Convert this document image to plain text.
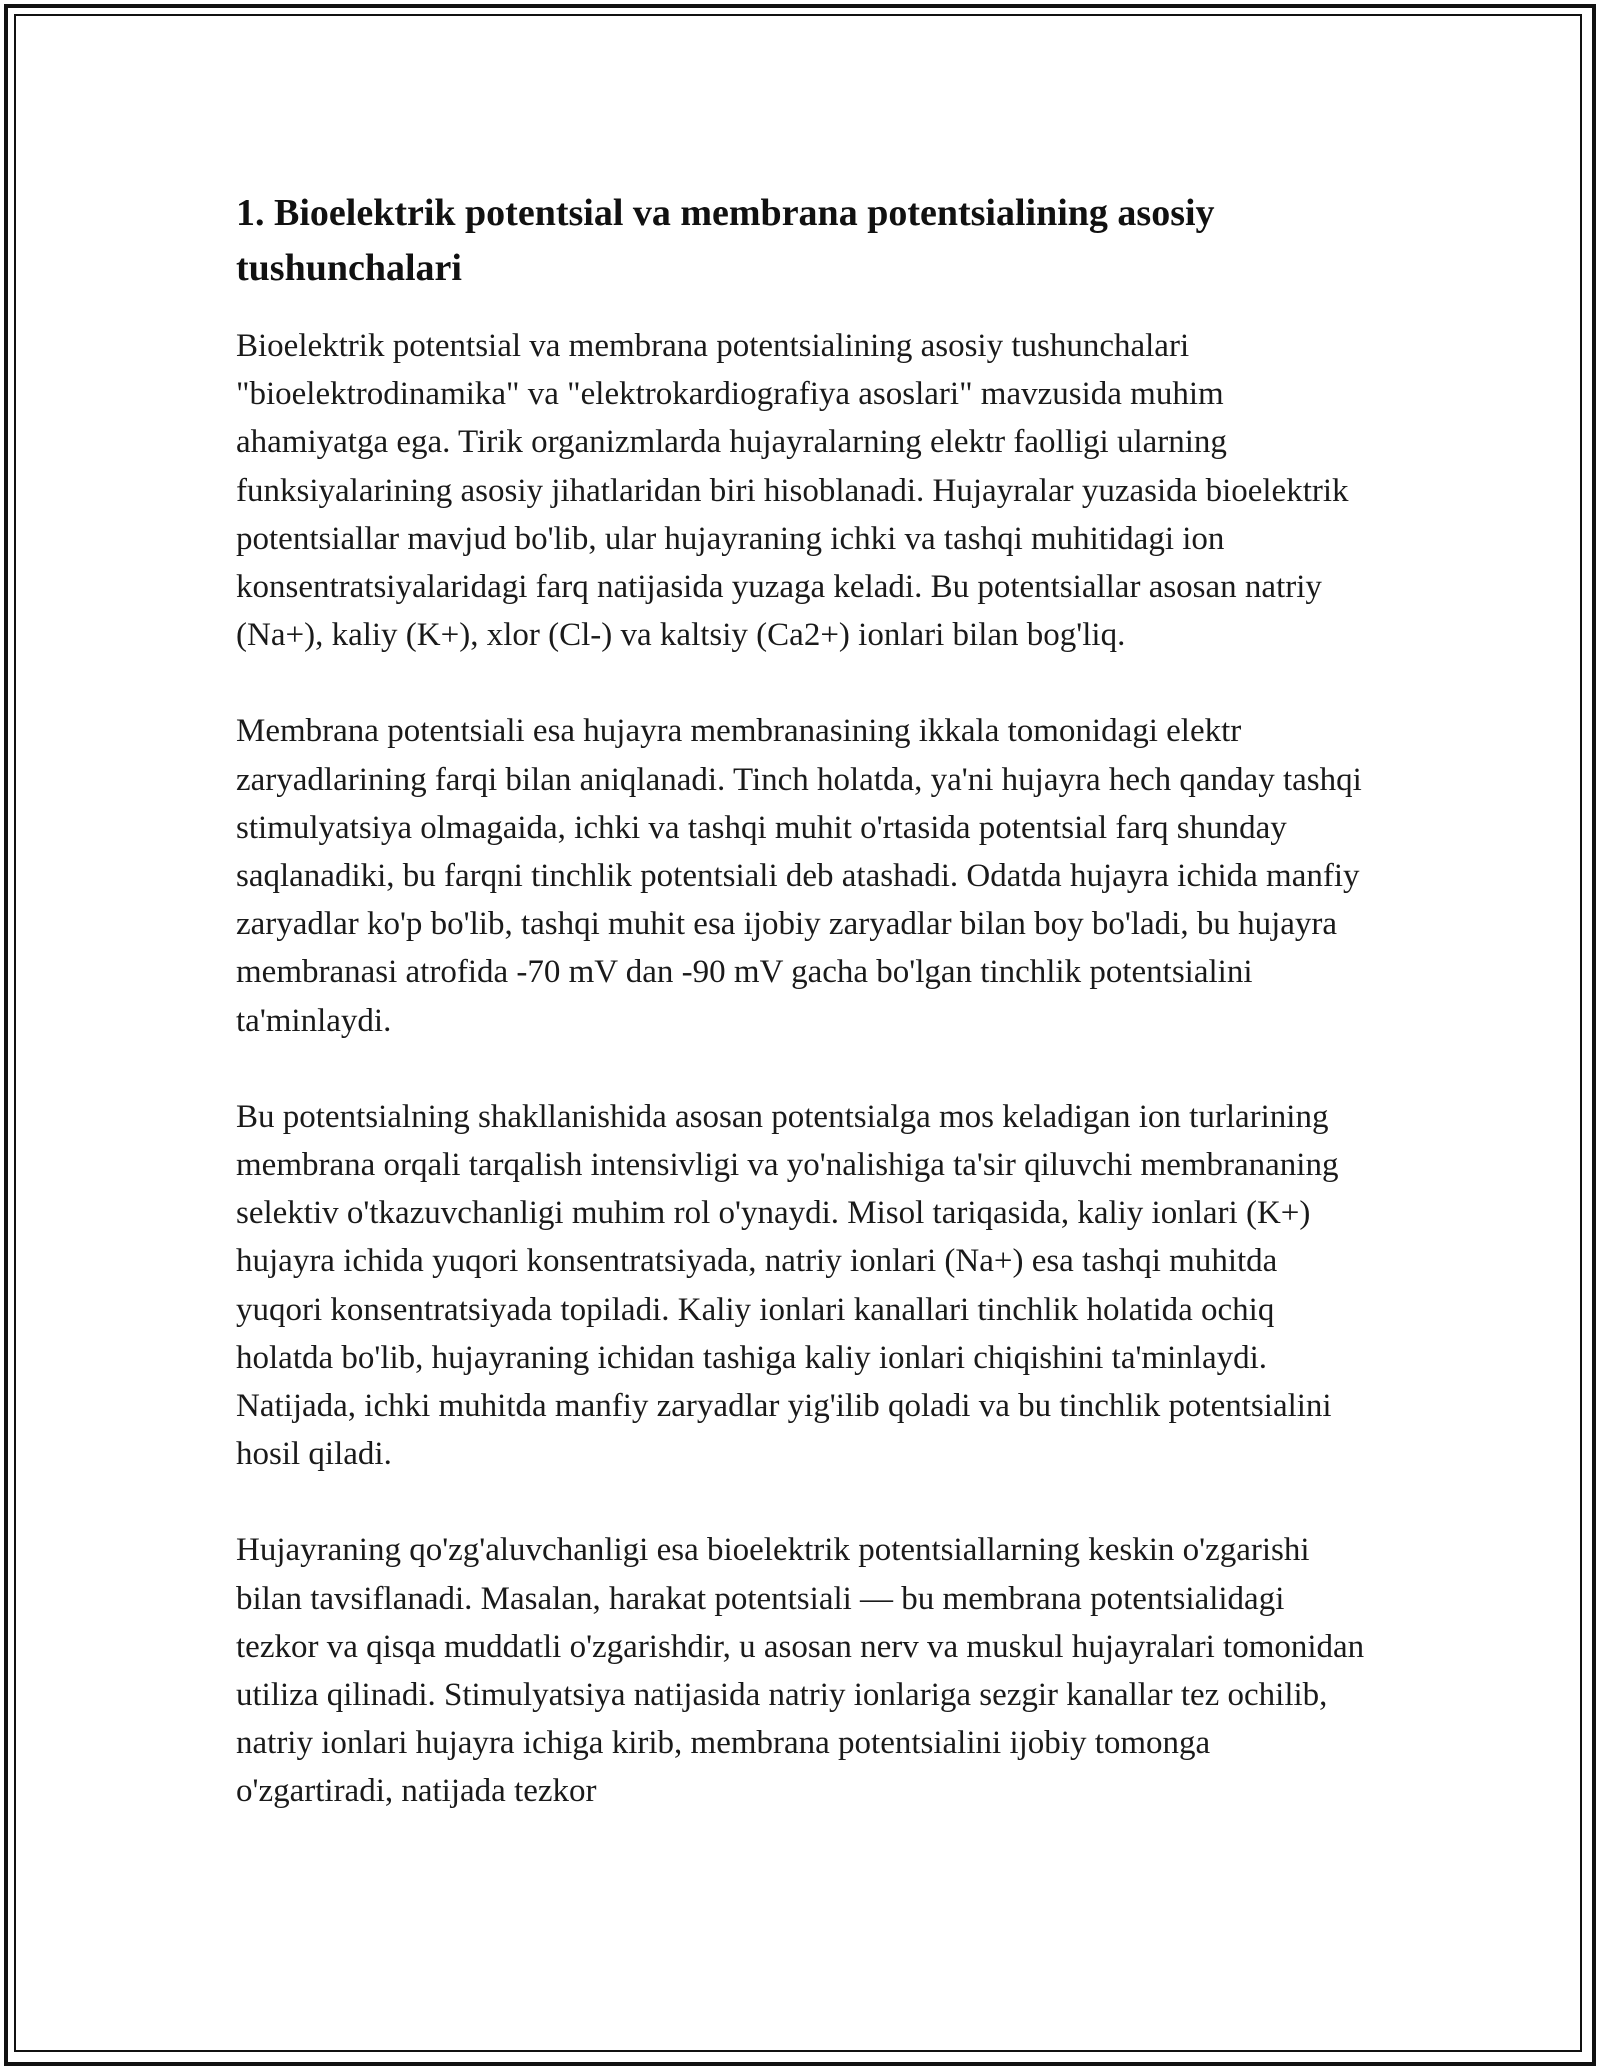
1. Bioelektrik potentsial va membrana potentsialining asosiy tushunchalari

Bioelektrik potentsial va membrana potentsialining asosiy tushunchalari "bioelektrodinamika" va "elektrokardiografiya asoslari" mavzusida muhim ahamiyatga ega. Tirik organizmlarda hujayralarning elektr faolligi ularning funksiyalarining asosiy jihatlaridan biri hisoblanadi. Hujayralar yuzasida bioelektrik potentsiallar mavjud bo'lib, ular hujayraning ichki va tashqi muhitidagi ion konsentratsiyalaridagi farq natijasida yuzaga keladi. Bu potentsiallar asosan natriy (Na+), kaliy (K+), xlor (Cl-) va kaltsiy (Ca2+) ionlari bilan bog'liq.

Membrana potentsiali esa hujayra membranasining ikkala tomonidagi elektr zaryadlarining farqi bilan aniqlanadi. Tinch holatda, ya'ni hujayra hech qanday tashqi stimulyatsiya olmagaida, ichki va tashqi muhit o'rtasida potentsial farq shunday saqlanadiki, bu farqni tinchlik potentsiali deb atashadi. Odatda hujayra ichida manfiy zaryadlar ko'p bo'lib, tashqi muhit esa ijobiy zaryadlar bilan boy bo'ladi, bu hujayra membranasi atrofida -70 mV dan -90 mV gacha bo'lgan tinchlik potentsialini ta'minlaydi.

Bu potentsialning shakllanishida asosan potentsialga mos keladigan ion turlarining membrana orqali tarqalish intensivligi va yo'nalishiga ta'sir qiluvchi membrananing selektiv o'tkazuvchanligi muhim rol o'ynaydi. Misol tariqasida, kaliy ionlari (K+) hujayra ichida yuqori konsentratsiyada, natriy ionlari (Na+) esa tashqi muhitda yuqori konsentratsiyada topiladi. Kaliy ionlari kanallari tinchlik holatida ochiq holatda bo'lib, hujayraning ichidan tashiga kaliy ionlari chiqishini ta'minlaydi. Natijada, ichki muhitda manfiy zaryadlar yig'ilib qoladi va bu tinchlik potentsialini hosil qiladi.

Hujayraning qo'zg'aluvchanligi esa bioelektrik potentsiallarning keskin o'zgarishi bilan tavsiflanadi. Masalan, harakat potentsiali — bu membrana potentsialidagi tezkor va qisqa muddatli o'zgarishdir, u asosan nerv va muskul hujayralari tomonidan utiliza qilinadi. Stimulyatsiya natijasida natriy ionlariga sezgir kanallar tez ochilib, natriy ionlari hujayra ichiga kirib, membrana potentsialini ijobiy tomonga o'zgartiradi, natijada tezkor
